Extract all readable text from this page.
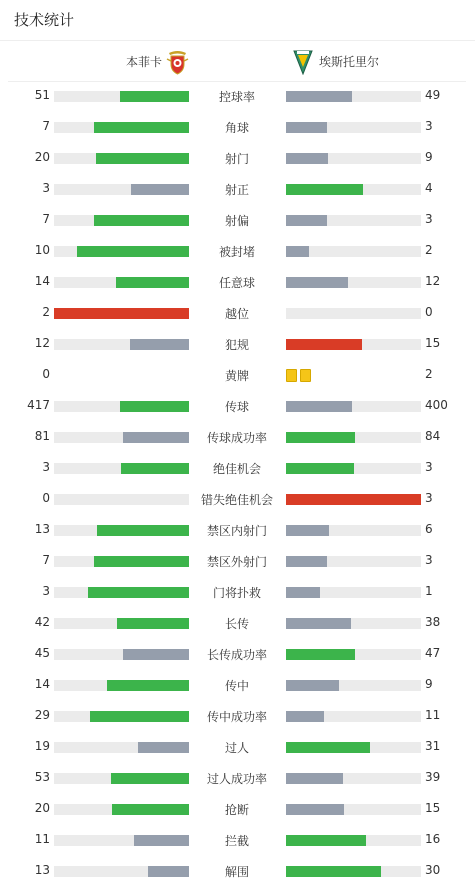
技术统计
本菲卡	埃斯托里尔
51	控球率	49
7	角球	3
20	射门	9
3	射正	4
7	射偏	3
10	被封堵	2
14	任意球	12
2	越位	0
12	犯规	15
0	黄牌	2
417	传球	400
81	传球成功率	84
3	绝佳机会	3
0	错失绝佳机会	3
13	禁区内射门	6
7	禁区外射门	3
3	门将扑救	1
42	长传	38
45	长传成功率	47
14	传中	9
29	传中成功率	11
19	过人	31
53	过人成功率	39
20	抢断	15
11	拦截	16
13	解围	30
